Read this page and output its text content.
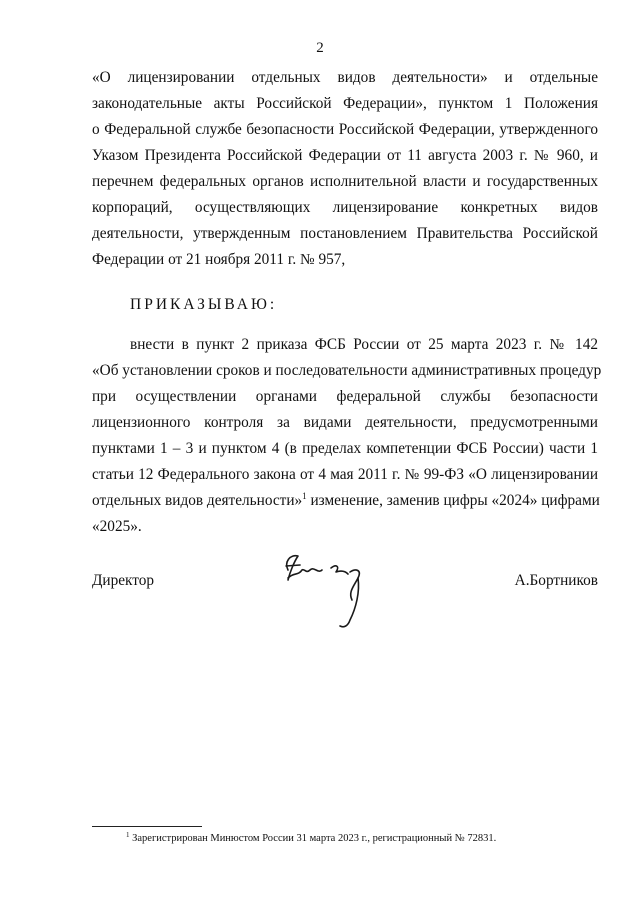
2
«О лицензировании отдельных видов деятельности» и отдельные
законодательные акты Российской Федерации», пунктом 1 Положения
о Федеральной службе безопасности Российской Федерации, утвержденного
Указом Президента Российской Федерации от 11 августа 2003 г. № 960, и
перечнем федеральных органов исполнительной власти и государственных
корпораций, осуществляющих лицензирование конкретных видов
деятельности, утвержденным постановлением Правительства Российской
Федерации от 21 ноября 2011 г. № 957,
ПРИКАЗЫВАЮ:
внести в пункт 2 приказа ФСБ России от 25 марта 2023 г. № 142
«Об установлении сроков и последовательности административных процедур
при осуществлении органами федеральной службы безопасности
лицензионного контроля за видами деятельности, предусмотренными
пунктами 1 – 3 и пунктом 4 (в пределах компетенции ФСБ России) части 1
статьи 12 Федерального закона от 4 мая 2011 г. № 99-ФЗ «О лицензировании
отдельных видов деятельности»$^1$ изменение, заменив цифры «2024» цифрами
«2025».
Директор	А.Бортников
$^1$ Зарегистрирован Минюстом России 31 марта 2023 г., регистрационный № 72831.
